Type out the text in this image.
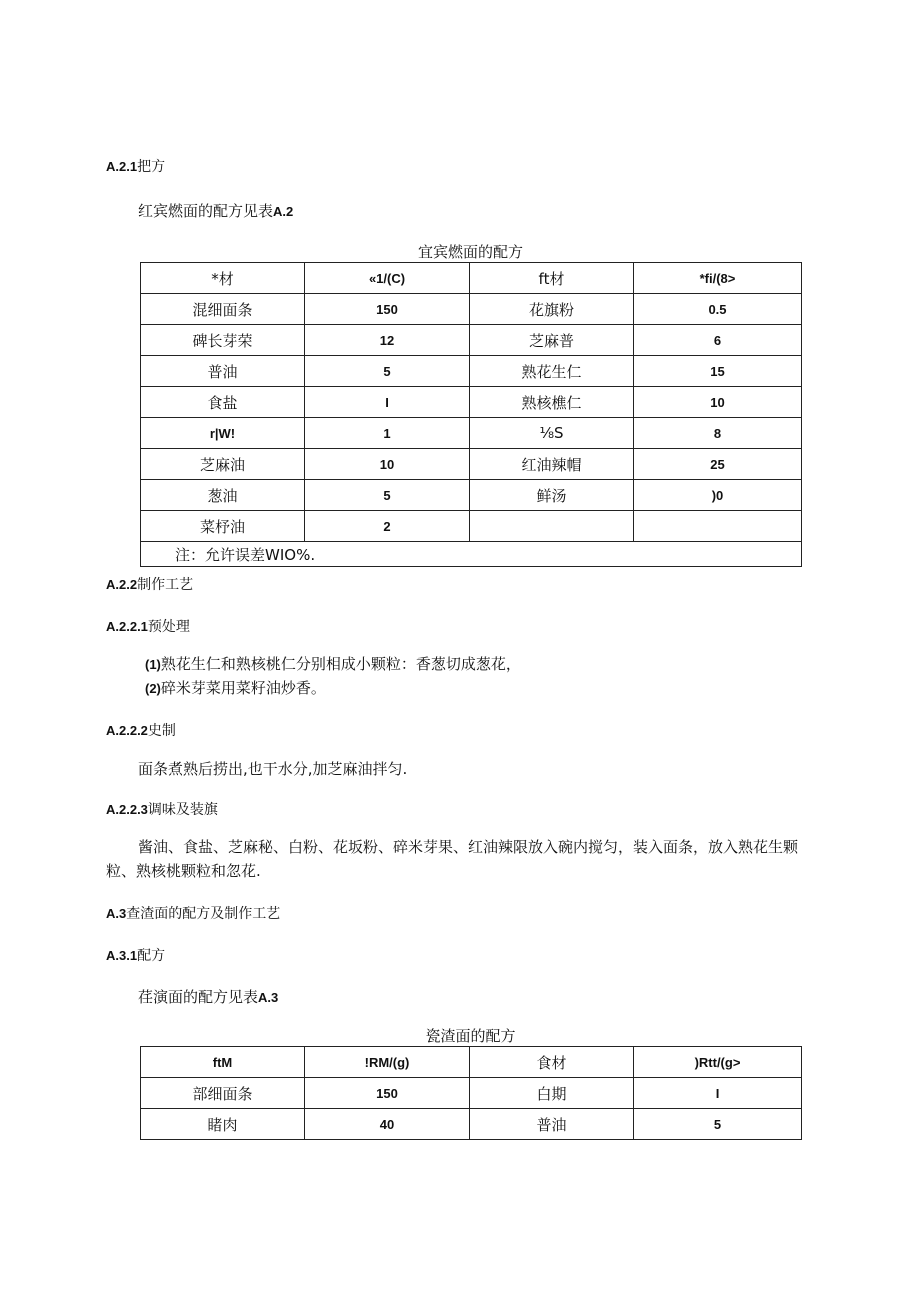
A.2.1把方
红宾燃面的配方见表A.2
宜宾燃面的配方
*材	«1/(C)	ft材	*fi/(8>
混细面条	150	花旗粉	0.5
碑长芽荣	12	芝麻普	6
普油	5	熟花生仁	15
食盐	I	熟核樵仁	10
r|W!	1	⅛S	8
芝麻油	10	红油辣帽	25
葱油	5	鲜汤	)0
菜杼油	2		
注：允许误差WIO%.			
A.2.2制作工艺
A.2.2.1预处理
(1)熟花生仁和熟核桃仁分别相成小颗粒：香葱切成葱花，
(2)碎米芽菜用菜籽油炒香。
A.2.2.2史制
面条煮熟后捞出,也干水分,加芝麻油拌匀.
A.2.2.3调味及装旗
酱油、食盐、芝麻秘、白粉、花坂粉、碎米芽果、红油辣限放入碗内搅匀，装入面条，放入熟花生颗
粒、熟核桃颗粒和忽花.
A.3查渣面的配方及制作工艺
A.3.1配方
荏演面的配方见表A.3
瓷渣面的配方
ftM	!RM/(g)	食材	)Rtt/(g>
部细面条	150	白期	I
睹肉	40	普油	5
